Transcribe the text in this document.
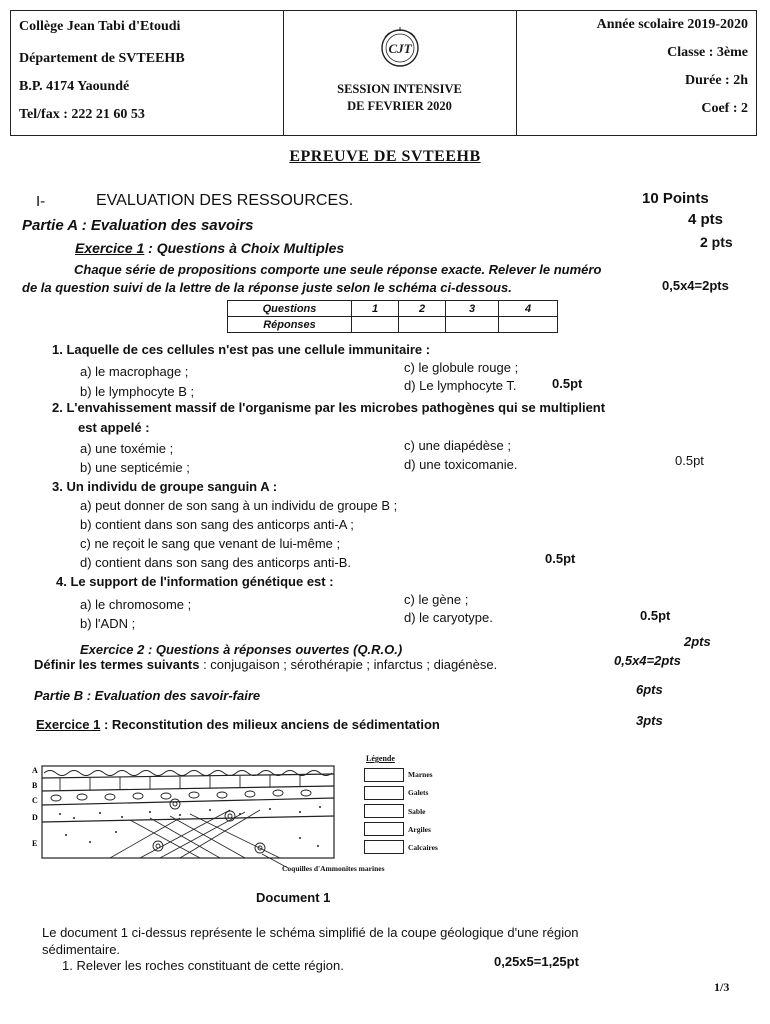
Collège Jean Tabi d'Etoudi
Département de SVTEEHB
B.P. 4174 Yaoundé
Tel/fax : 222 21 60 53
CJT
SESSION INTENSIVE
DE FEVRIER 2020
Année scolaire 2019-2020
Classe : 3ème
Durée : 2h
Coef : 2
EPREUVE DE SVTEEHB
I-	EVALUATION DES RESSOURCES.	10 Points
Partie A : Evaluation des savoirs	4 pts
Exercice 1 : Questions à Choix Multiples	2 pts
Chaque série de propositions comporte une seule réponse exacte. Relever le numéro
de la question suivi de la lettre de la réponse juste selon le schéma ci-dessous.	0,5x4=2pts
Questions	1	2	3	4
Réponses				
1. Laquelle de ces cellules n'est pas une cellule immunitaire :
a) le macrophage ;	c) le globule rouge ;
b) le lymphocyte B ;	d) Le lymphocyte T.	0.5pt
2. L'envahissement massif de l'organisme par les microbes pathogènes qui se multiplient
est appelé :
a) une toxémie ;	c) une diapédèse ;
b) une septicémie ;	d) une toxicomanie.	0.5pt
3. Un individu de groupe sanguin A :
a) peut donner de son sang à un individu de groupe B ;
b) contient dans son sang des anticorps anti-A ;
c) ne reçoit le sang que venant de lui-même ;
d) contient dans son sang des anticorps anti-B.	0.5pt
4. Le support de l'information génétique est :
a) le chromosome ;	c) le gène ;
b) l'ADN ;	d) le caryotype.	0.5pt
Exercice 2 : Questions à réponses ouvertes (Q.R.O.)
2pts
Définir les termes suivants : conjugaison ; sérothérapie ; infarctus ; diagénèse.	0,5x4=2pts
Partie B : Evaluation des savoir-faire	6pts
Exercice 1 : Reconstitution des milieux anciens de sédimentation	3pts
A
B
C
D
E
Coquilles d'Ammonites marines
Légende
Marnes
Galets
Sable
Argiles
Calcaires
Document 1
Le document 1 ci-dessus représente le schéma simplifié de la coupe géologique d'une région
sédimentaire.
1. Relever les roches constituant de cette région.	0,25x5=1,25pt
1/3
